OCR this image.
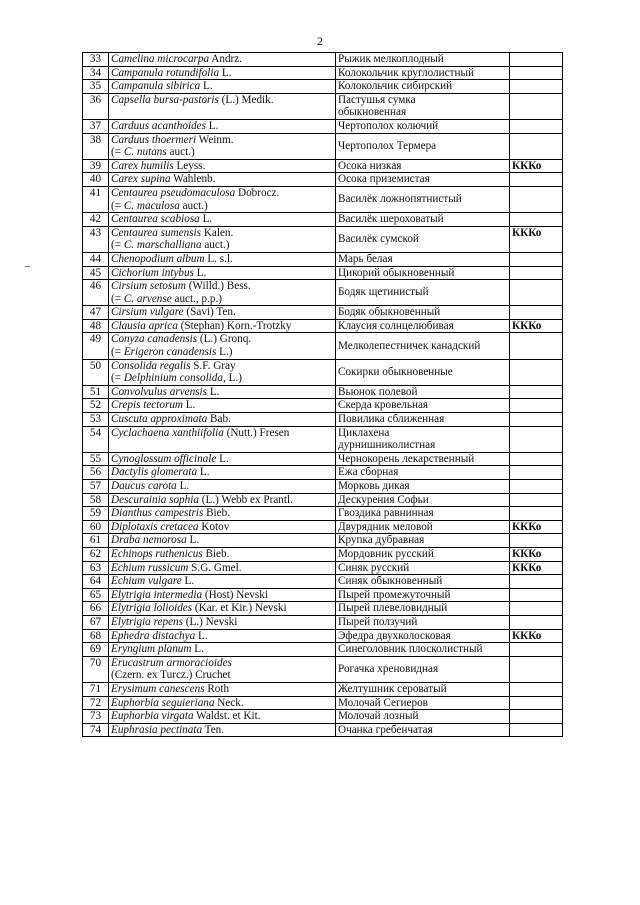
2
33	Camelina microcarpa Andrz.	Рыжик мелкоплодный	

34	Campanula rotundifolia L.	Колокольчик круглолистный	

35	Campanula sibirica L.	Колокольчик сибирский	

36	Capsella bursa-pastoris (L.) Medik.	Пастушья сумка
обыкновенная	

37	Carduus acanthoides L.	Чертополох колючий	

38	Carduus thoermeri Weinm.
(= C. nutans auct.)	Чертополох Термера	

39	Carex humilis Leyss.	Осока низкая	КККо
40	Carex supina Wahlenb.	Осока приземистая	

41	Centaurea pseudomaculosa Dobrocz.
(= C. maculosa auct.)	Василёк ложнопятнистый	

42	Centaurea scabiosa L.	Василёк шероховатый	

43	Centaurea sumensis Kalen.
(= C. marschalliana auct.)	Василёк сумской	КККо
44	Chenopodium album L. s.l.	Марь белая	

45	Cichorium intybus L.	Цикорий обыкновенный	

46	Cirsium setosum (Willd.) Bess.
(= C. arvense auct., p.p.)	Бодяк щетинистый	

47	Cirsium vulgare (Savi) Ten.	Бодяк обыкновенный	

48	Clausia aprica (Stephan) Korn.-Trotzky	Клаусия солнцелюбивая	КККо
49	Conyza canadensis (L.) Gronq.
(= Erigeron canadensis L.)	Мелколепестничек канадский	

50	Consolida regalis S.F. Gray
(= Delphinium consolida, L.)	Сокирки обыкновенные	

51	Convolvulus arvensis L.	Вьюнок полевой	

52	Crepis tectorum L.	Скерда кровельная	

53	Cuscuta approximata Bab.	Повилика сближенная	

54	Cyclachaena xanthiifolia (Nutt.) Fresen	Циклахена
дурнишниколистная	

55	Cynoglossum officinale L.	Чернокорень лекарственный	

56	Dactylis glomerata L.	Ежа сборная	

57	Daucus carota L.	Морковь дикая	

58	Descurainia sophia (L.) Webb ex Prantl.	Дескурения Софьи	

59	Dianthus campestris Bieb.	Гвоздика равнинная	

60	Diplotaxis cretacea Kotov	Двурядник меловой	КККо
61	Draba nemorosa L.	Крупка дубравная	

62	Echinops ruthenicus Bieb.	Мордовник русский	КККо
63	Echium russicum S.G. Gmel.	Синяк русский	КККо
64	Echium vulgare L.	Синяк обыкновенный	

65	Elytrigia intermedia (Host) Nevski	Пырей промежуточный	

66	Elytrigia lolioides (Kar. et Kir.) Nevski	Пырей плевеловидный	

67	Elytrigia repens (L.) Nevski	Пырей ползучий	

68	Ephedra distachya L.	Эфедра двухколосковая	КККо
69	Eryngium planum L.	Синеголовник плосколистный	

70	Erucastrum armoracioides
(Czern. ex Turcz.) Cruchet	Рогачка хреновидная	

71	Erysimum canescens Roth	Желтушник сероватый	

72	Euphorbia seguieriana Neck.	Молочай Сегиеров	

73	Euphorbia virgata Waldst. et Kit.	Молочай лозный	

74	Euphrasia pectinata Ten.	Очанка гребенчатая	
